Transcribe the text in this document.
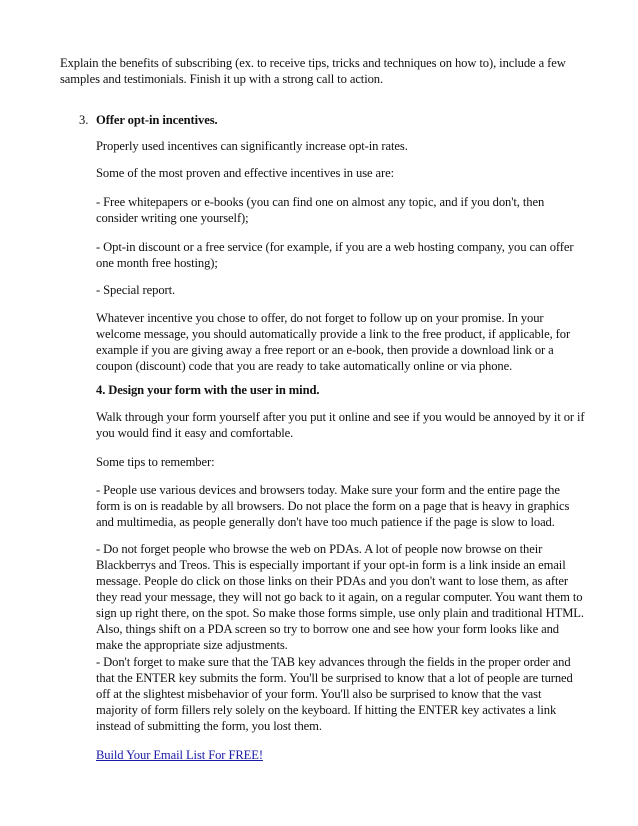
Explain the benefits of subscribing (ex. to receive tips, tricks and techniques on how to), include a few samples and testimonials. Finish it up with a strong call to action.

3. Offer opt-in incentives.

Properly used incentives can significantly increase opt-in rates.

Some of the most proven and effective incentives in use are:

- Free whitepapers or e-books (you can find one on almost any topic, and if you don't, then consider writing one yourself);

- Opt-in discount or a free service (for example, if you are a web hosting company, you can offer one month free hosting);

- Special report.

Whatever incentive you chose to offer, do not forget to follow up on your promise. In your welcome message, you should automatically provide a link to the free product, if applicable, for example if you are giving away a free report or an e-book, then provide a download link or a coupon (discount) code that you are ready to take automatically online or via phone.

4. Design your form with the user in mind.

Walk through your form yourself after you put it online and see if you would be annoyed by it or if you would find it easy and comfortable.

Some tips to remember:

- People use various devices and browsers today. Make sure your form and the entire page the form is on is readable by all browsers. Do not place the form on a page that is heavy in graphics and multimedia, as people generally don't have too much patience if the page is slow to load.

- Do not forget people who browse the web on PDAs. A lot of people now browse on their Blackberrys and Treos. This is especially important if your opt-in form is a link inside an email message. People do click on those links on their PDAs and you don't want to lose them, as after they read your message, they will not go back to it again, on a regular computer. You want them to sign up right there, on the spot. So make those forms simple, use only plain and traditional HTML. Also, things shift on a PDA screen so try to borrow one and see how your form looks like and make the appropriate size adjustments.

- Don't forget to make sure that the TAB key advances through the fields in the proper order and that the ENTER key submits the form. You'll be surprised to know that a lot of people are turned off at the slightest misbehavior of your form. You'll also be surprised to know that the vast majority of form fillers rely solely on the keyboard. If hitting the ENTER key activates a link instead of submitting the form, you lost them.

Build Your Email List For FREE!
